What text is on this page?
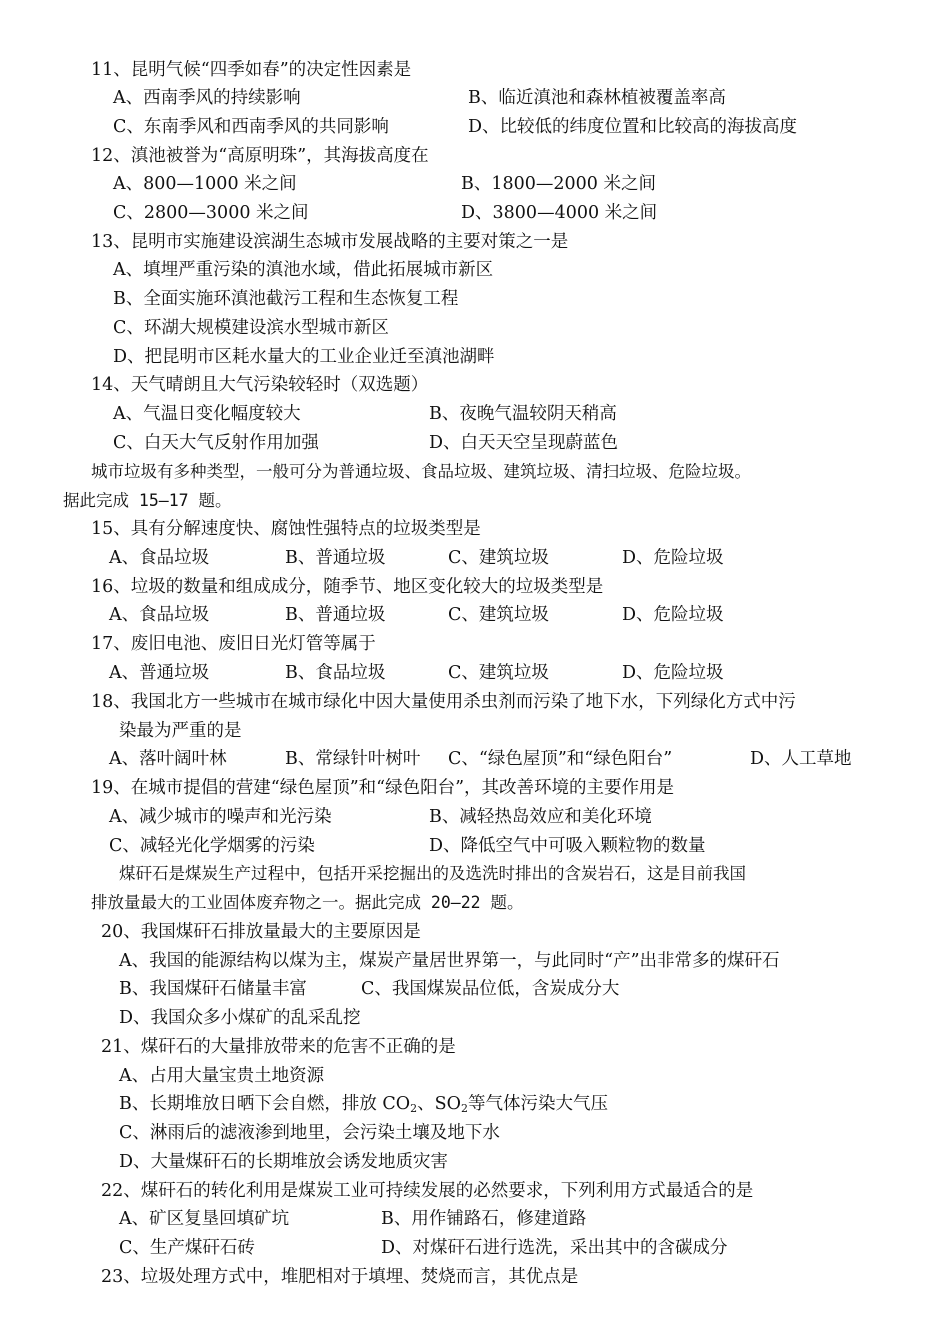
11、昆明气候“四季如春”的决定性因素是
A、西南季风的持续影响	B、临近滇池和森林植被覆盖率高
C、东南季风和西南季风的共同影响	D、比较低的纬度位置和比较高的海拔高度
12、滇池被誉为“高原明珠”，其海拔高度在
A、800—1000 米之间	B、1800—2000 米之间
C、2800—3000 米之间	D、3800—4000 米之间
13、昆明市实施建设滨湖生态城市发展战略的主要对策之一是
A、填埋严重污染的滇池水域，借此拓展城市新区
B、全面实施环滇池截污工程和生态恢复工程
C、环湖大规模建设滨水型城市新区
D、把昆明市区耗水量大的工业企业迁至滇池湖畔
14、天气晴朗且大气污染较轻时（双选题）
A、气温日变化幅度较大	B、夜晚气温较阴天稍高
C、白天大气反射作用加强	D、白天天空呈现蔚蓝色
城市垃圾有多种类型，一般可分为普通垃圾、食品垃圾、建筑垃圾、清扫垃圾、危险垃圾。
据此完成 15—17 题。
15、具有分解速度快、腐蚀性强特点的垃圾类型是
A、食品垃圾	B、普通垃圾	C、建筑垃圾	D、危险垃圾
16、垃圾的数量和组成成分，随季节、地区变化较大的垃圾类型是
A、食品垃圾	B、普通垃圾	C、建筑垃圾	D、危险垃圾
17、废旧电池、废旧日光灯管等属于
A、普通垃圾	B、食品垃圾	C、建筑垃圾	D、危险垃圾
18、我国北方一些城市在城市绿化中因大量使用杀虫剂而污染了地下水，下列绿化方式中污
染最为严重的是
A、落叶阔叶林	B、常绿针叶树叶 C、“绿色屋顶”和“绿色阳台”	D、人工草地
19、在城市提倡的营建“绿色屋顶”和“绿色阳台”，其改善环境的主要作用是
A、减少城市的噪声和光污染	B、减轻热岛效应和美化环境
C、减轻光化学烟雾的污染	D、降低空气中可吸入颗粒物的数量
煤矸石是煤炭生产过程中，包括开采挖掘出的及选洗时排出的含炭岩石，这是目前我国
排放量最大的工业固体废弃物之一。据此完成 20—22 题。
20、我国煤矸石排放量最大的主要原因是
A、我国的能源结构以煤为主，煤炭产量居世界第一，与此同时“产”出非常多的煤矸石
B、我国煤矸石储量丰富	C、我国煤炭品位低，含炭成分大
D、我国众多小煤矿的乱采乱挖
21、煤矸石的大量排放带来的危害不正确的是
A、占用大量宝贵土地资源
B、长期堆放日晒下会自燃，排放 $CO_2$、$SO_2$等气体污染大气压
C、淋雨后的滤液渗到地里，会污染土壤及地下水
D、大量煤矸石的长期堆放会诱发地质灾害
22、煤矸石的转化利用是煤炭工业可持续发展的必然要求，下列利用方式最适合的是
A、矿区复垦回填矿坑	B、用作铺路石，修建道路
C、生产煤矸石砖	D、对煤矸石进行选洗，采出其中的含碳成分
23、垃圾处理方式中，堆肥相对于填埋、焚烧而言，其优点是
